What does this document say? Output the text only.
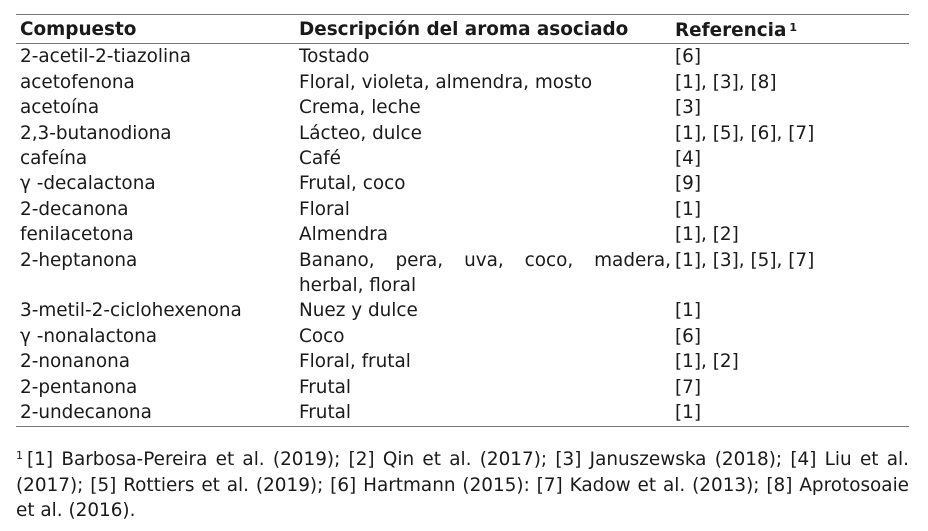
Compuesto	Descripción del aroma asociado	Referencia $^1$
2-acetil-2-tiazolina	Tostado	[6]
acetofenona	Floral, violeta, almendra, mosto	[1], [3], [8]
acetoína	Crema, leche	[3]
2,3-butanodiona	Lácteo, dulce	[1], [5], [6], [7]
cafeína	Café	[4]
γ -decalactona	Frutal, coco	[9]
2-decanona	Floral	[1]
fenilacetona	Almendra	[1], [2]
2-heptanona	Banano, pera, uva, coco, madera, herbal, floral	[1], [3], [5], [7]
3-metil-2-ciclohexenona	Nuez y dulce	[1]
γ -nonalactona	Coco	[6]
2-nonanona	Floral, frutal	[1], [2]
2-pentanona	Frutal	[7]
2-undecanona	Frutal	[1]
$^1$ [1] Barbosa-Pereira et al. (2019); [2] Qin et al. (2017); [3] Januszewska (2018); [4] Liu et al. (2017); [5] Rottiers et al. (2019); [6] Hartmann (2015): [7] Kadow et al. (2013); [8] Aprotosoaie et al. (2016).
